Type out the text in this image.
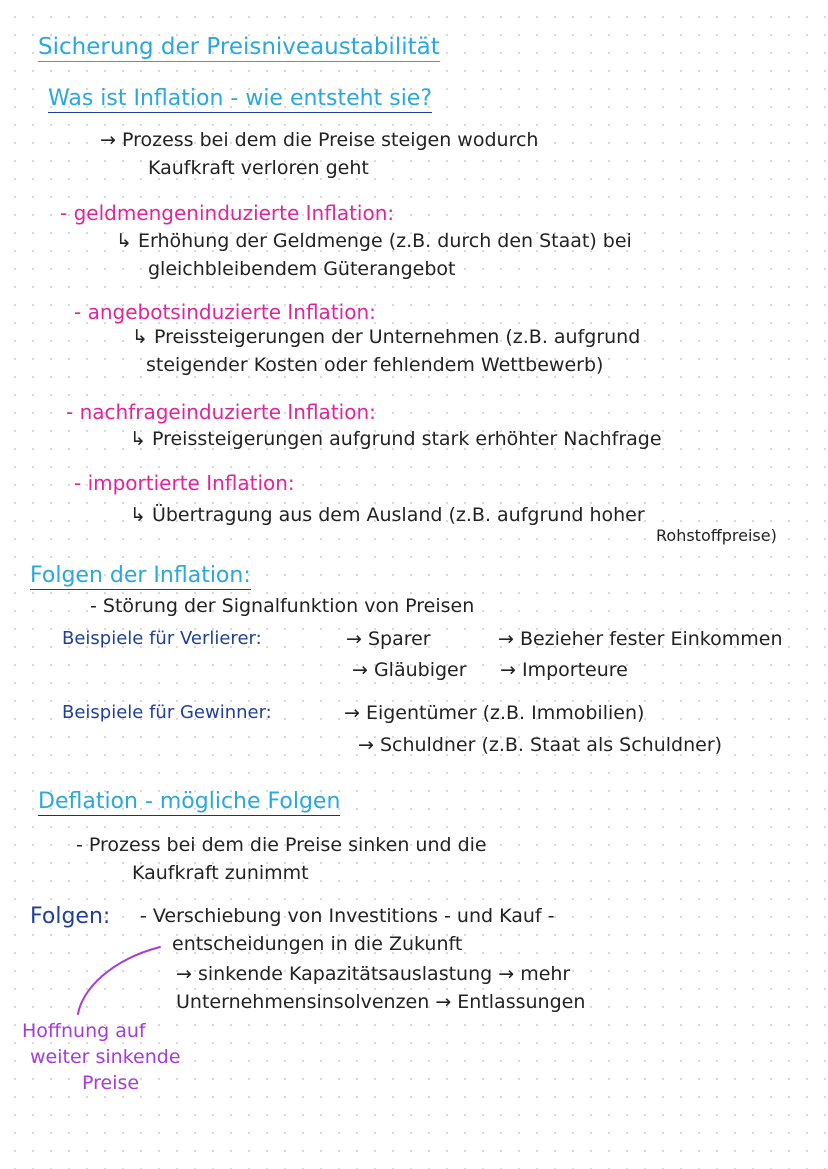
Sicherung der Preisniveaustabilität
Was ist Inflation - wie entsteht sie?
→ Prozess bei dem die Preise steigen wodurch
Kaufkraft verloren geht
- geldmengeninduzierte Inflation:
↳ Erhöhung der Geldmenge (z.B. durch den Staat) bei
gleichbleibendem Güterangebot
- angebotsinduzierte Inflation:
↳ Preissteigerungen der Unternehmen (z.B. aufgrund
steigender Kosten oder fehlendem Wettbewerb)
- nachfrageinduzierte Inflation:
↳ Preissteigerungen aufgrund stark erhöhter Nachfrage
- importierte Inflation:
↳ Übertragung aus dem Ausland (z.B. aufgrund hoher
Rohstoffpreise)
Folgen der Inflation:
- Störung der Signalfunktion von Preisen
Beispiele für Verlierer:	→ Sparer	→ Bezieher fester Einkommen
→ Gläubiger → Importeure
Beispiele für Gewinner:	→ Eigentümer (z.B. Immobilien)
→ Schuldner (z.B. Staat als Schuldner)
Deflation - mögliche Folgen
- Prozess bei dem die Preise sinken und die
Kaufkraft zunimmt
Folgen: - Verschiebung von Investitions - und Kauf -
entscheidungen in die Zukunft
→ sinkende Kapazitätsauslastung → mehr
Unternehmensinsolvenzen → Entlassungen
Hoffnung auf
weiter sinkende
Preise
